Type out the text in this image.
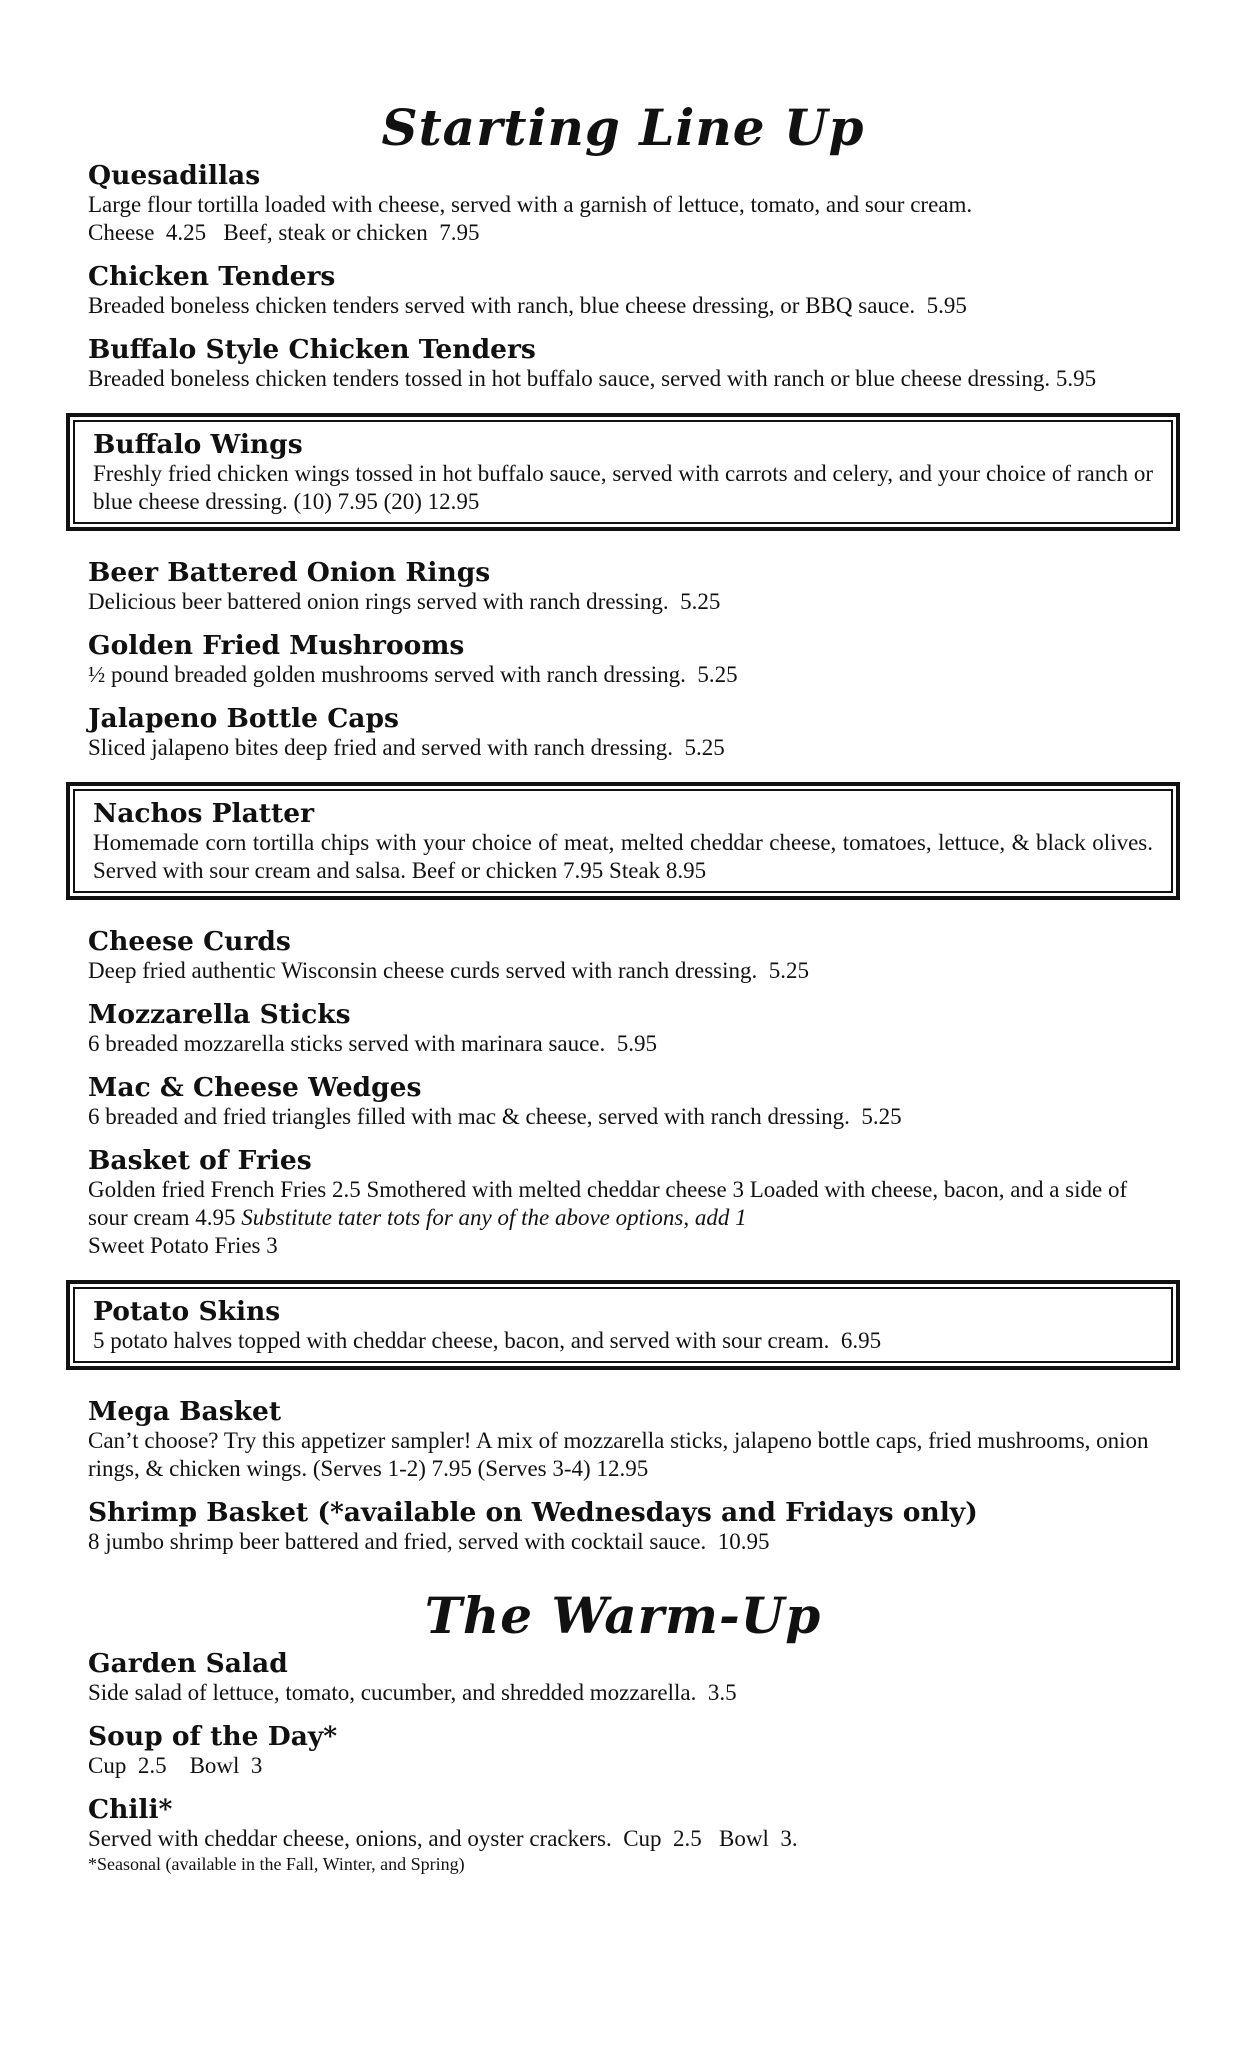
Starting Line Up
Quesadillas
Large flour tortilla loaded with cheese, served with a garnish of lettuce, tomato, and sour cream.
Cheese  4.25   Beef, steak or chicken  7.95
Chicken Tenders
Breaded boneless chicken tenders served with ranch, blue cheese dressing, or BBQ sauce.  5.95
Buffalo Style Chicken Tenders
Breaded boneless chicken tenders tossed in hot buffalo sauce, served with ranch or blue cheese dressing. 5.95
Buffalo Wings
Freshly fried chicken wings tossed in hot buffalo sauce, served with carrots and celery, and your choice of ranch or blue cheese dressing. (10) 7.95 (20) 12.95
Beer Battered Onion Rings
Delicious beer battered onion rings served with ranch dressing.  5.25
Golden Fried Mushrooms
½ pound breaded golden mushrooms served with ranch dressing.  5.25
Jalapeno Bottle Caps
Sliced jalapeno bites deep fried and served with ranch dressing.  5.25
Nachos Platter
Homemade corn tortilla chips with your choice of meat, melted cheddar cheese, tomatoes, lettuce, & black olives. Served with sour cream and salsa. Beef or chicken 7.95 Steak 8.95
Cheese Curds
Deep fried authentic Wisconsin cheese curds served with ranch dressing.  5.25
Mozzarella Sticks
6 breaded mozzarella sticks served with marinara sauce.  5.95
Mac & Cheese Wedges
6 breaded and fried triangles filled with mac & cheese, served with ranch dressing.  5.25
Basket of Fries
Golden fried French Fries 2.5 Smothered with melted cheddar cheese 3 Loaded with cheese, bacon, and a side of sour cream 4.95 Substitute tater tots for any of the above options, add 1
Sweet Potato Fries 3
Potato Skins
5 potato halves topped with cheddar cheese, bacon, and served with sour cream.  6.95
Mega Basket
Can’t choose? Try this appetizer sampler! A mix of mozzarella sticks, jalapeno bottle caps, fried mushrooms, onion rings, & chicken wings. (Serves 1-2) 7.95 (Serves 3-4) 12.95
Shrimp Basket (*available on Wednesdays and Fridays only)
8 jumbo shrimp beer battered and fried, served with cocktail sauce.  10.95
The Warm-Up
Garden Salad
Side salad of lettuce, tomato, cucumber, and shredded mozzarella.  3.5
Soup of the Day*
Cup  2.5    Bowl  3
Chili*
Served with cheddar cheese, onions, and oyster crackers.  Cup  2.5   Bowl  3.
*Seasonal (available in the Fall, Winter, and Spring)
